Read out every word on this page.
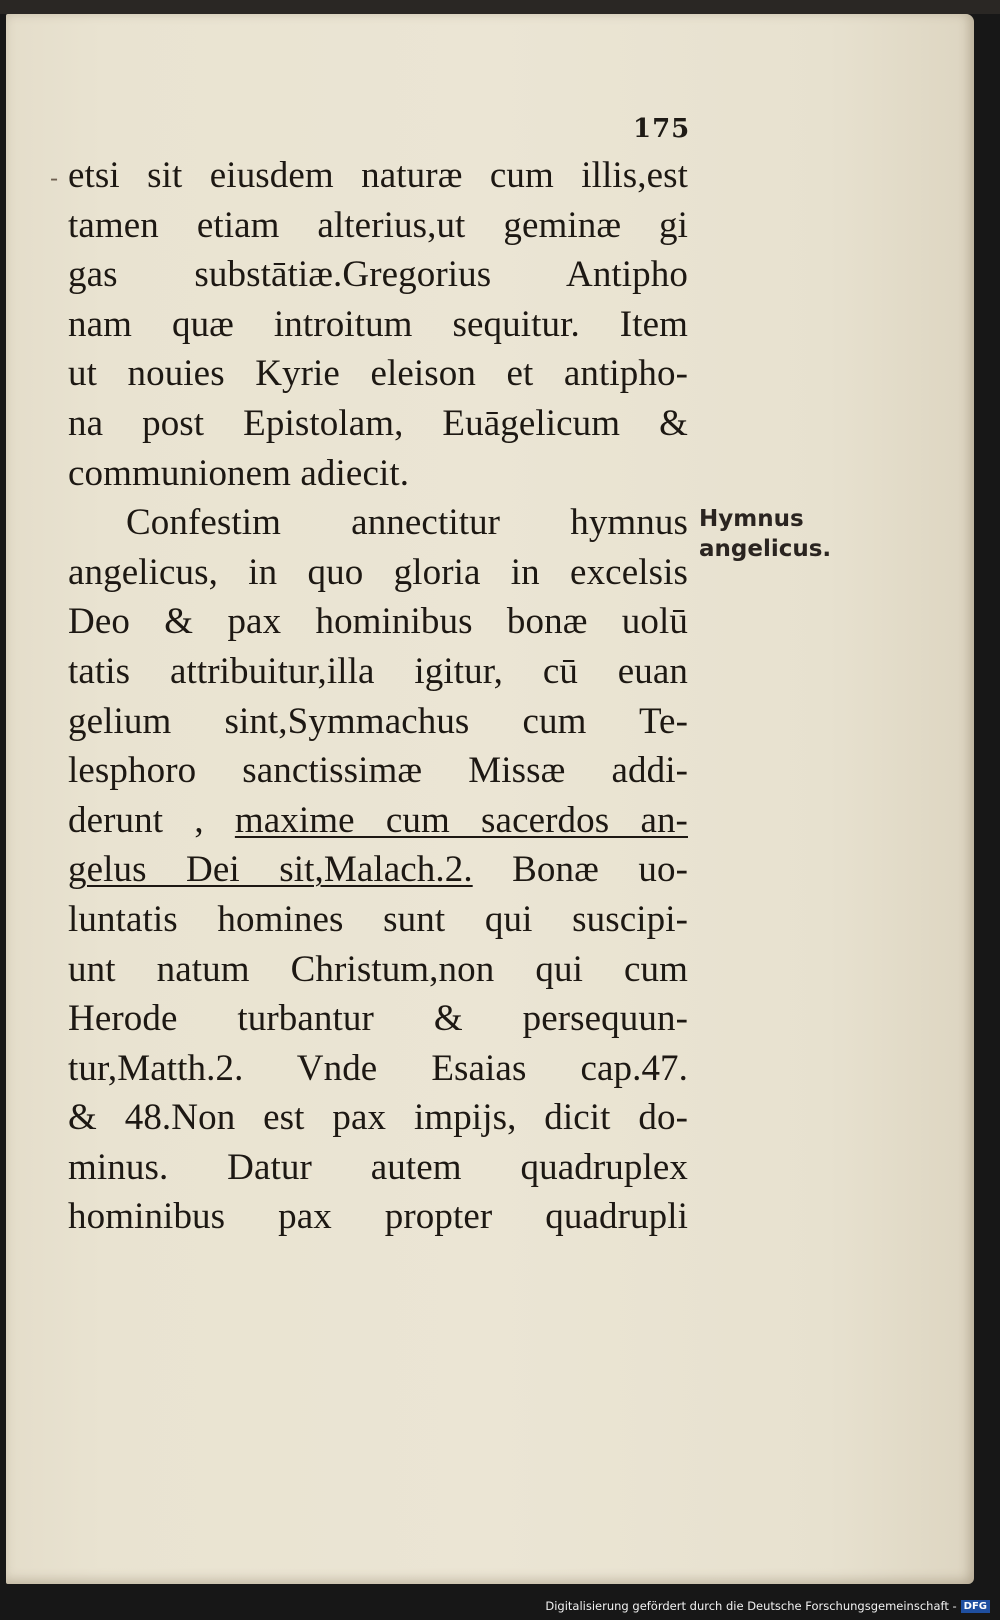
-

175

etsi sit eiusdem naturæ cum illis,est
tamen etiam alterius,ut geminæ gi
gas substātiæ.Gregorius Antipho
nam quæ introitum sequitur. Item
ut nouies Kyrie eleison et antipho-
na post Epistolam, Euāgelicum &
communionem adiecit.
Confestim annectitur hymnus
angelicus, in quo gloria in excelsis
Deo & pax hominibus bonæ uolū
tatis attribuitur,illa igitur, cū euan
gelium sint,Symmachus cum Te-
lesphoro sanctissimæ Missæ addi-
derunt , maxime cum sacerdos an-
gelus Dei sit,Malach.2. Bonæ uo-
luntatis homines sunt qui suscipi-
unt natum Christum,non qui cum
Herode turbantur & persequun-
tur,Matth.2. Vnde Esaias cap.47.
& 48.Non est pax impijs, dicit do-
minus. Datur autem quadruplex
hominibus pax propter quadrupli
Hymnus
angelicus.
Digitalisierung gefördert durch die Deutsche Forschungsgemeinschaft - DFG
